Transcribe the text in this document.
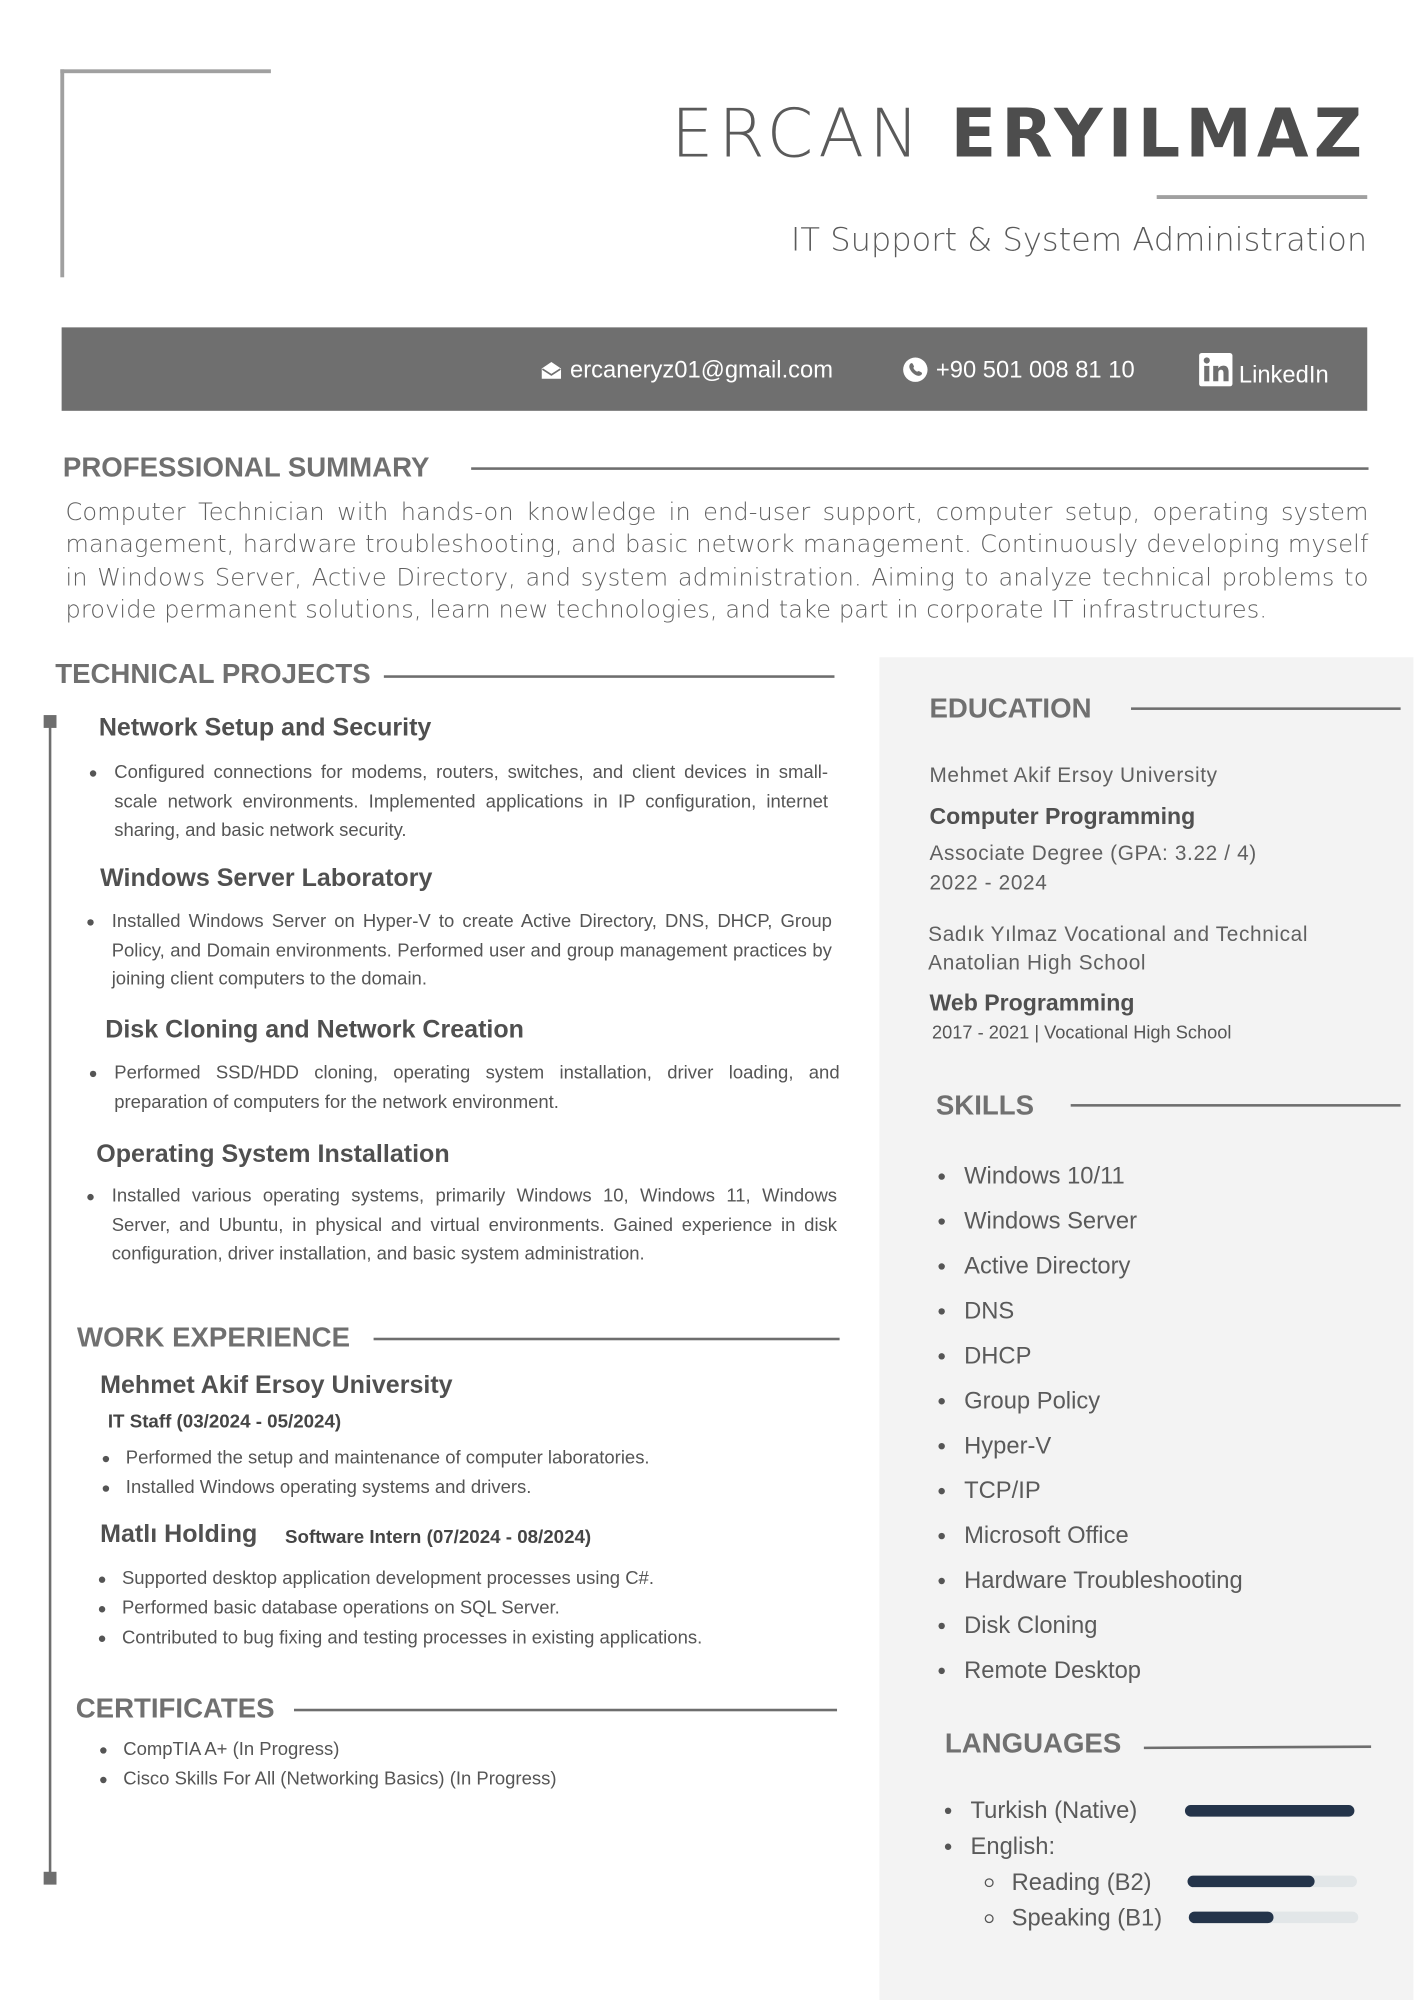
ERCAN ERYILMAZ
IT Support & System Administration
ercaneryz01@gmail.com	+90 501 008 81 10	LinkedIn
PROFESSIONAL SUMMARY
Computer Technician with hands-on knowledge in end-user support, computer setup, operating system management, hardware troubleshooting, and basic network management. Continuously developing myself in Windows Server, Active Directory, and system administration. Aiming to analyze technical problems to provide permanent solutions, learn new technologies, and take part in corporate IT infrastructures.
TECHNICAL PROJECTS
Network Setup and Security
Configured connections for modems, routers, switches, and client devices in small-scale network environments. Implemented applications in IP configuration, internet sharing, and basic network security.
Windows Server Laboratory
Installed Windows Server on Hyper-V to create Active Directory, DNS, DHCP, Group Policy, and Domain environments. Performed user and group management practices by joining client computers to the domain.
Disk Cloning and Network Creation
Performed SSD/HDD cloning, operating system installation, driver loading, and preparation of computers for the network environment.
Operating System Installation
Installed various operating systems, primarily Windows 10, Windows 11, Windows Server, and Ubuntu, in physical and virtual environments. Gained experience in disk configuration, driver installation, and basic system administration.
WORK EXPERIENCE
Mehmet Akif Ersoy University
IT Staff (03/2024 - 05/2024)
Performed the setup and maintenance of computer laboratories.
Installed Windows operating systems and drivers.
Matlı Holding Software Intern (07/2024 - 08/2024)
Supported desktop application development processes using C#.
Performed basic database operations on SQL Server.
Contributed to bug fixing and testing processes in existing applications.
CERTIFICATES
CompTIA A+ (In Progress)
Cisco Skills For All (Networking Basics) (In Progress)
EDUCATION
Mehmet Akif Ersoy University
Computer Programming
Associate Degree (GPA: 3.22 / 4)
2022 - 2024
Sadık Yılmaz Vocational and Technical
Anatolian High School
Web Programming
2017 - 2021 | Vocational High School
SKILLS
Windows 10/11
Windows Server
Active Directory
DNS
DHCP
Group Policy
Hyper-V
TCP/IP
Microsoft Office
Hardware Troubleshooting
Disk Cloning
Remote Desktop
LANGUAGES
Turkish (Native)
English:
Reading (B2)
Speaking (B1)
